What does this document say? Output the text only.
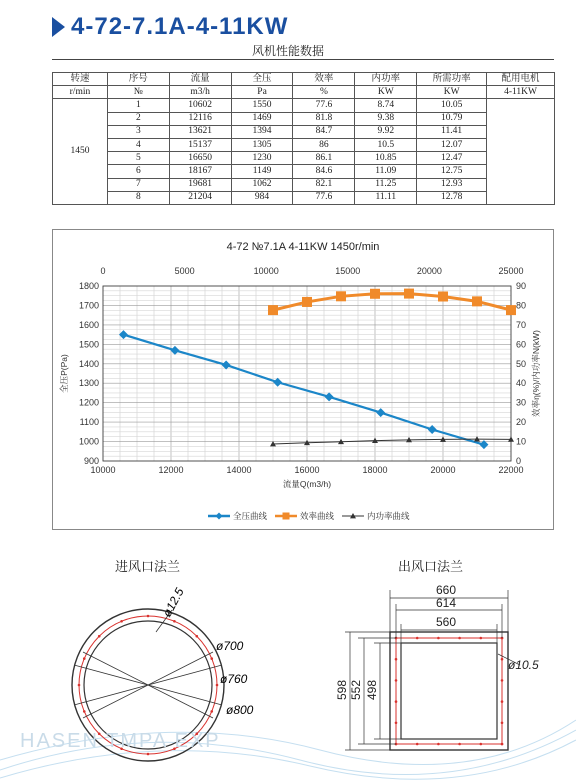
4-72-7.1A-4-11KW
风机性能数据
转速	序号	流量	全压	效率	内功率	所需功率	配用电机
r/min	№	m3/h	Pa	%	KW	KW	4-11KW
1450	1	10602	1550	77.6	8.74	10.05	
	2	12116	1469	81.8	9.38	10.79	
	3	13621	1394	84.7	9.92	11.41	
	4	15137	1305	86	10.5	12.07	
	5	16650	1230	86.1	10.85	12.47	
	6	18167	1149	84.6	11.09	12.75	
	7	19681	1062	82.1	11.25	12.93	
	8	21204	984	77.6	11.11	12.78	
4-72 №7.1A 4-11KW 1450r/min
10000	12000	14000	16000	18000	20000	22000
0	5000	10000	15000	20000	25000
900
1000
1100
1200
1300
1400
1500
1600
1700
1800
0
10
20
30
40
50
60
70
80
90
流量Q(m3/h)
全压P(Pa)	效率η(%)/内功率N(kW)
全压曲线	效率曲线	内功率曲线
进风口法兰	出风口法兰
ø12.5
ø700
ø760
ø800
660
614
560
ø10.5
598 552 498
HASEN TMPA EXP
